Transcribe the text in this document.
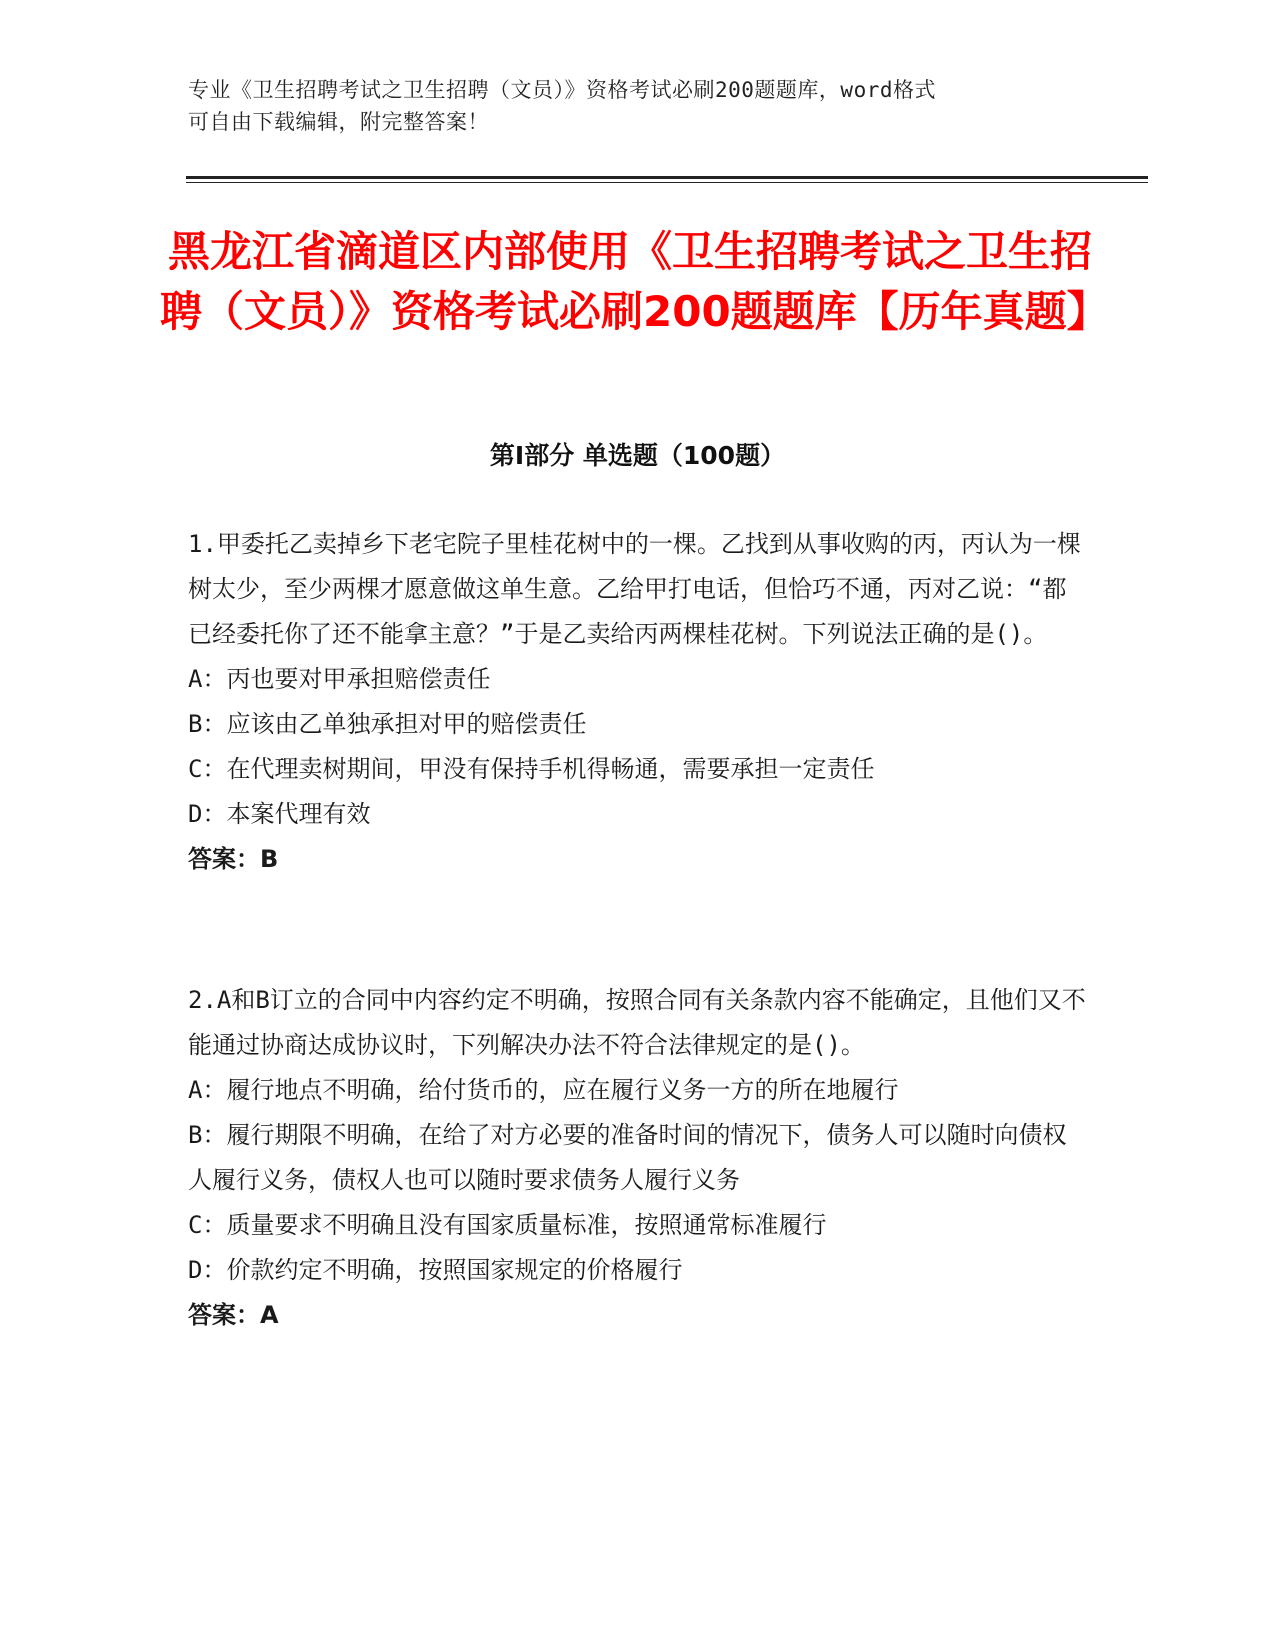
专业《卫生招聘考试之卫生招聘（文员）》资格考试必刷200题题库，word格式
可自由下载编辑，附完整答案！
黑龙江省滴道区内部使用《卫生招聘考试之卫生招聘（文员）》资格考试必刷200题题库【历年真题】
第Ⅰ部分 单选题（100题）

1.甲委托乙卖掉乡下老宅院子里桂花树中的一棵。乙找到从事收购的丙，丙认为一棵树太少，至少两棵才愿意做这单生意。乙给甲打电话，但恰巧不通，丙对乙说：“都已经委托你了还不能拿主意？”于是乙卖给丙两棵桂花树。下列说法正确的是()。

A：丙也要对甲承担赔偿责任

B：应该由乙单独承担对甲的赔偿责任

C：在代理卖树期间，甲没有保持手机得畅通，需要承担一定责任

D：本案代理有效

答案：B

2.A和B订立的合同中内容约定不明确，按照合同有关条款内容不能确定，且他们又不能通过协商达成协议时，下列解决办法不符合法律规定的是()。

A：履行地点不明确，给付货币的，应在履行义务一方的所在地履行

B：履行期限不明确，在给了对方必要的准备时间的情况下，债务人可以随时向债权人履行义务，债权人也可以随时要求债务人履行义务

C：质量要求不明确且没有国家质量标准，按照通常标准履行

D：价款约定不明确，按照国家规定的价格履行

答案：A
